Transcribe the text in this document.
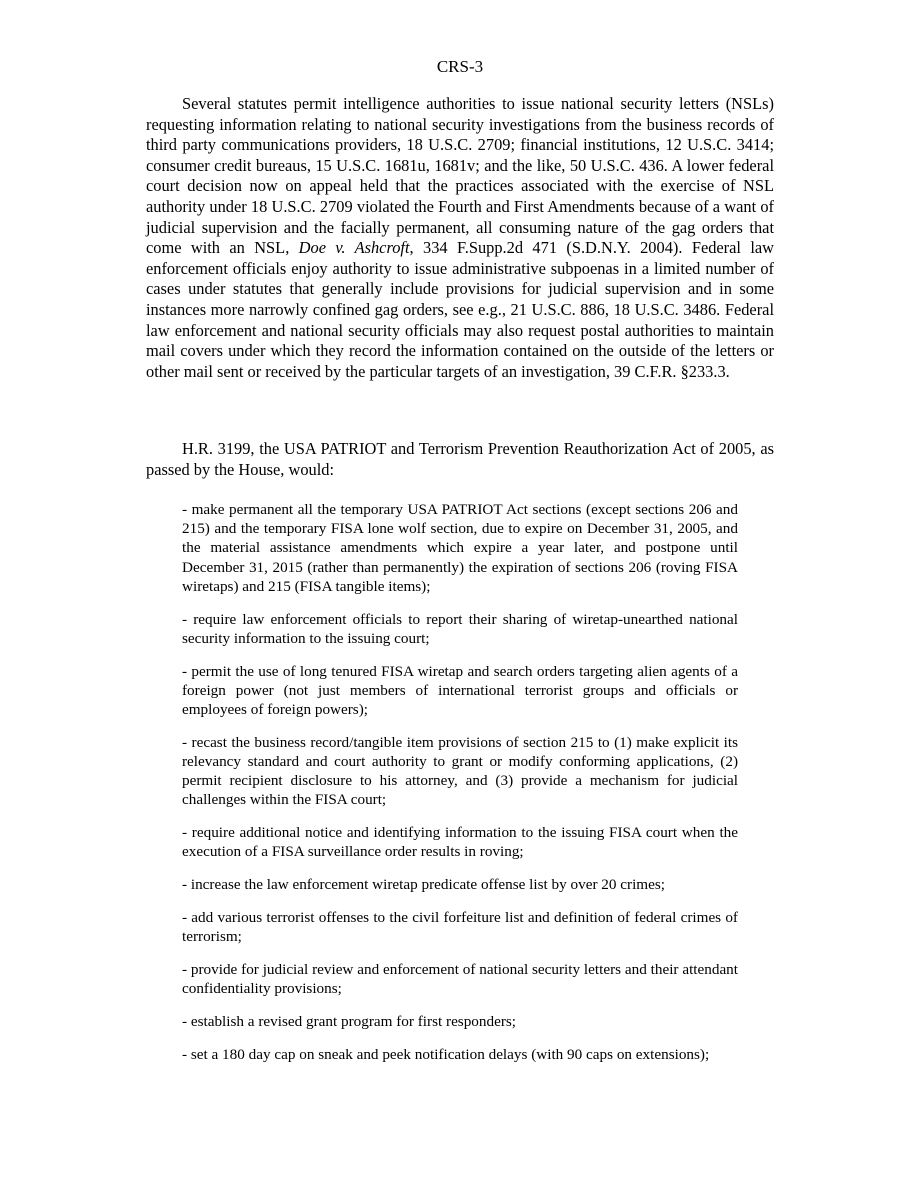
CRS-3

Several statutes permit intelligence authorities to issue national security letters (NSLs) requesting information relating to national security investigations from the business records of third party communications providers, 18 U.S.C. 2709; financial institutions, 12 U.S.C. 3414; consumer credit bureaus, 15 U.S.C. 1681u, 1681v; and the like, 50 U.S.C. 436. A lower federal court decision now on appeal held that the practices associated with the exercise of NSL authority under 18 U.S.C. 2709 violated the Fourth and First Amendments because of a want of judicial supervision and the facially permanent, all consuming nature of the gag orders that come with an NSL, Doe v. Ashcroft, 334 F.Supp.2d 471 (S.D.N.Y. 2004). Federal law enforcement officials enjoy authority to issue administrative subpoenas in a limited number of cases under statutes that generally include provisions for judicial supervision and in some instances more narrowly confined gag orders, see e.g., 21 U.S.C. 886, 18 U.S.C. 3486. Federal law enforcement and national security officials may also request postal authorities to maintain mail covers under which they record the information contained on the outside of the letters or other mail sent or received by the particular targets of an investigation, 39 C.F.R. §233.3.

H.R. 3199, the USA PATRIOT and Terrorism Prevention Reauthorization Act of 2005, as passed by the House, would:

- make permanent all the temporary USA PATRIOT Act sections (except sections 206 and 215) and the temporary FISA lone wolf section, due to expire on December 31, 2005, and the material assistance amendments which expire a year later, and postpone until December 31, 2015 (rather than permanently) the expiration of sections 206 (roving FISA wiretaps) and 215 (FISA tangible items);
- require law enforcement officials to report their sharing of wiretap-unearthed national security information to the issuing court;
- permit the use of long tenured FISA wiretap and search orders targeting alien agents of a foreign power (not just members of international terrorist groups and officials or employees of foreign powers);
- recast the business record/tangible item provisions of section 215 to (1) make explicit its relevancy standard and court authority to grant or modify conforming applications, (2) permit recipient disclosure to his attorney, and (3) provide a mechanism for judicial challenges within the FISA court;
- require additional notice and identifying information to the issuing FISA court when the execution of a FISA surveillance order results in roving;
- increase the law enforcement wiretap predicate offense list by over 20 crimes;
- add various terrorist offenses to the civil forfeiture list and definition of federal crimes of terrorism;
- provide for judicial review and enforcement of national security letters and their attendant confidentiality provisions;
- establish a revised grant program for first responders;
- set a 180 day cap on sneak and peek notification delays (with 90 caps on extensions);
